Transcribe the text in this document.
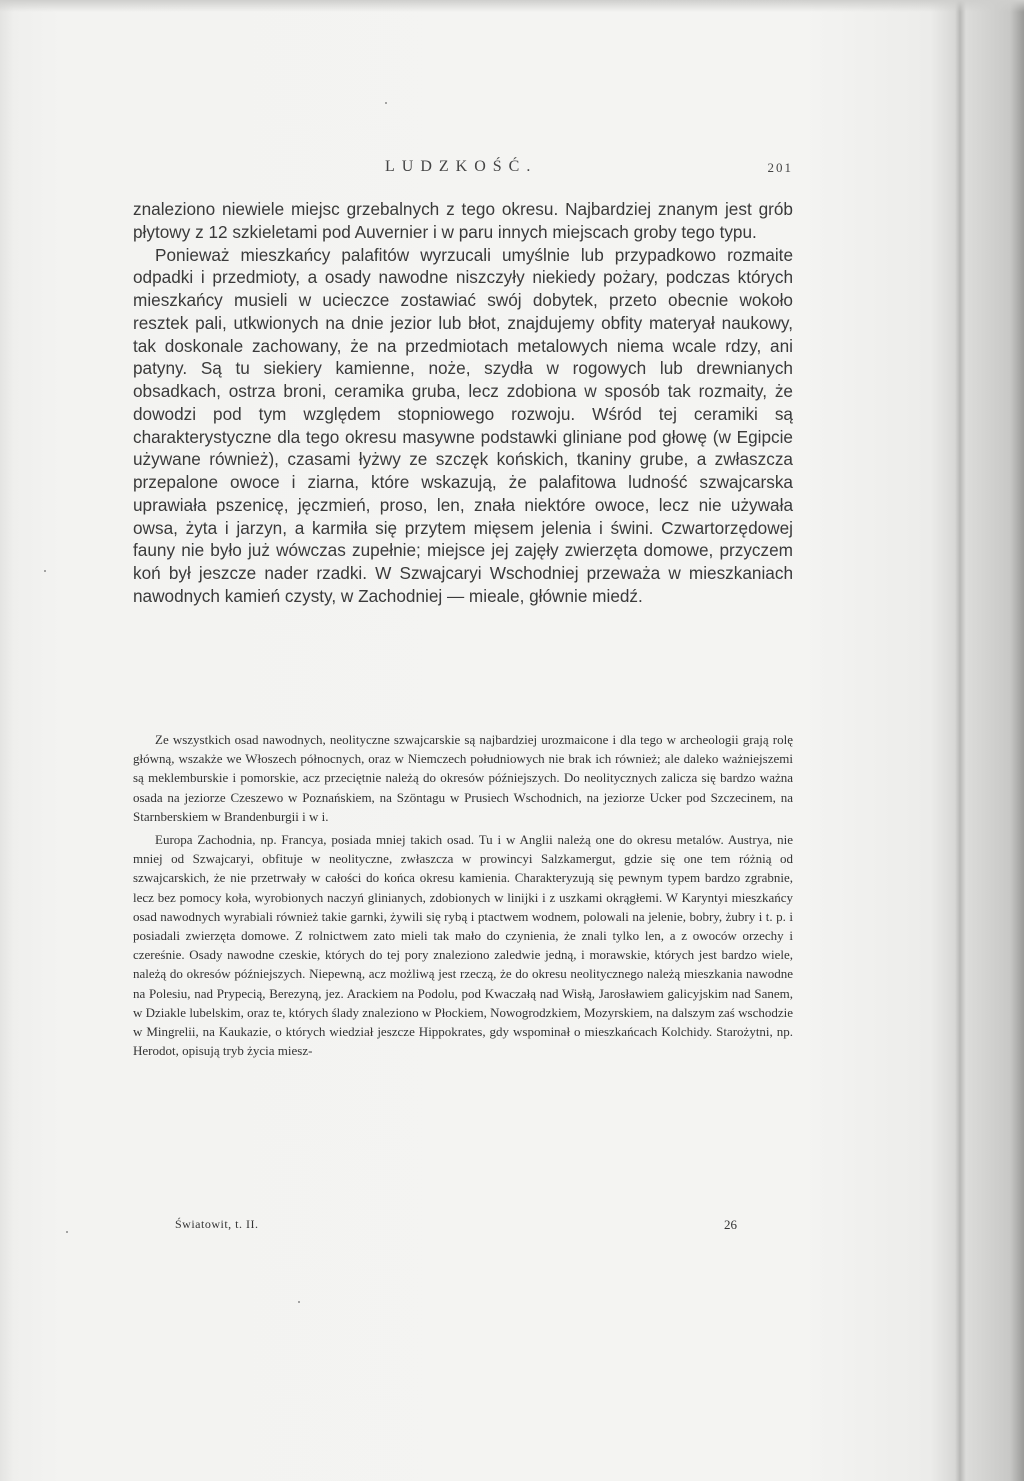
LUDZKOŚĆ.	201

znaleziono niewiele miejsc grzebalnych z tego okresu. Najbardziej znanym jest grób płytowy z 12 szkieletami pod Auvernier i w paru innych miejscach groby tego typu.

Ponieważ mieszkańcy palafitów wyrzucali umyślnie lub przypadkowo rozmaite odpadki i przedmioty, a osady nawodne niszczyły niekiedy pożary, podczas których mieszkańcy musieli w ucieczce zostawiać swój dobytek, przeto obecnie wokoło resztek pali, utkwionych na dnie jezior lub błot, znajdujemy obfity materyał naukowy, tak doskonale zachowany, że na przedmiotach metalowych niema wcale rdzy, ani patyny. Są tu siekiery kamienne, noże, szydła w rogowych lub drewnianych obsadkach, ostrza broni, ceramika gruba, lecz zdobiona w sposób tak rozmaity, że dowodzi pod tym względem stopniowego rozwoju. Wśród tej ceramiki są charakterystyczne dla tego okresu masywne podstawki gliniane pod głowę (w Egipcie używane również), czasami łyżwy ze szczęk końskich, tkaniny grube, a zwłaszcza przepalone owoce i ziarna, które wskazują, że palafitowa ludność szwajcarska uprawiała pszenicę, jęczmień, proso, len, znała niektóre owoce, lecz nie używała owsa, żyta i jarzyn, a karmiła się przytem mięsem jelenia i świni. Czwartorzędowej fauny nie było już wówczas zupełnie; miejsce jej zajęły zwierzęta domowe, przyczem koń był jeszcze nader rzadki. W Szwajcaryi Wschodniej przeważa w mieszkaniach nawodnych kamień czysty, w Zachodniej — mieale, głównie miedź.

Ze wszystkich osad nawodnych, neolityczne szwajcarskie są najbardziej urozmaicone i dla tego w archeologii grają rolę główną, wszakże we Włoszech północnych, oraz w Niemczech południowych nie brak ich również; ale daleko ważniejszemi są meklemburskie i pomorskie, acz przeciętnie należą do okresów późniejszych. Do neolitycznych zalicza się bardzo ważna osada na jeziorze Czeszewo w Poznańskiem, na Szöntagu w Prusiech Wschodnich, na jeziorze Ucker pod Szczecinem, na Starnberskiem w Brandenburgii i w i.

Europa Zachodnia, np. Francya, posiada mniej takich osad. Tu i w Anglii należą one do okresu metalów. Austrya, nie mniej od Szwajcaryi, obfituje w neolityczne, zwłaszcza w prowincyi Salzkamergut, gdzie się one tem różnią od szwajcarskich, że nie przetrwały w całości do końca okresu kamienia. Charakteryzują się pewnym typem bardzo zgrabnie, lecz bez pomocy koła, wyrobionych naczyń glinianych, zdobionych w linijki i z uszkami okrągłemi. W Karyntyi mieszkańcy osad nawodnych wyrabiali również takie garnki, żywili się rybą i ptactwem wodnem, polowali na jelenie, bobry, żubry i t. p. i posiadali zwierzęta domowe. Z rolnictwem zato mieli tak mało do czynienia, że znali tylko len, a z owoców orzechy i czereśnie. Osady nawodne czeskie, których do tej pory znaleziono zaledwie jedną, i morawskie, których jest bardzo wiele, należą do okresów późniejszych. Niepewną, acz możliwą jest rzeczą, że do okresu neolitycznego należą mieszkania nawodne na Polesiu, nad Prypecią, Berezyną, jez. Arackiem na Podolu, pod Kwaczałą nad Wisłą, Jarosławiem galicyjskim nad Sanem, w Dziakle lubelskim, oraz te, których ślady znaleziono w Płockiem, Nowogrodzkiem, Mozyrskiem, na dalszym zaś wschodzie w Mingrelii, na Kaukazie, o których wiedział jeszcze Hippokrates, gdy wspominał o mieszkańcach Kolchidy. Starożytni, np. Herodot, opisują tryb życia miesz-

Światowit, t. II.	26
